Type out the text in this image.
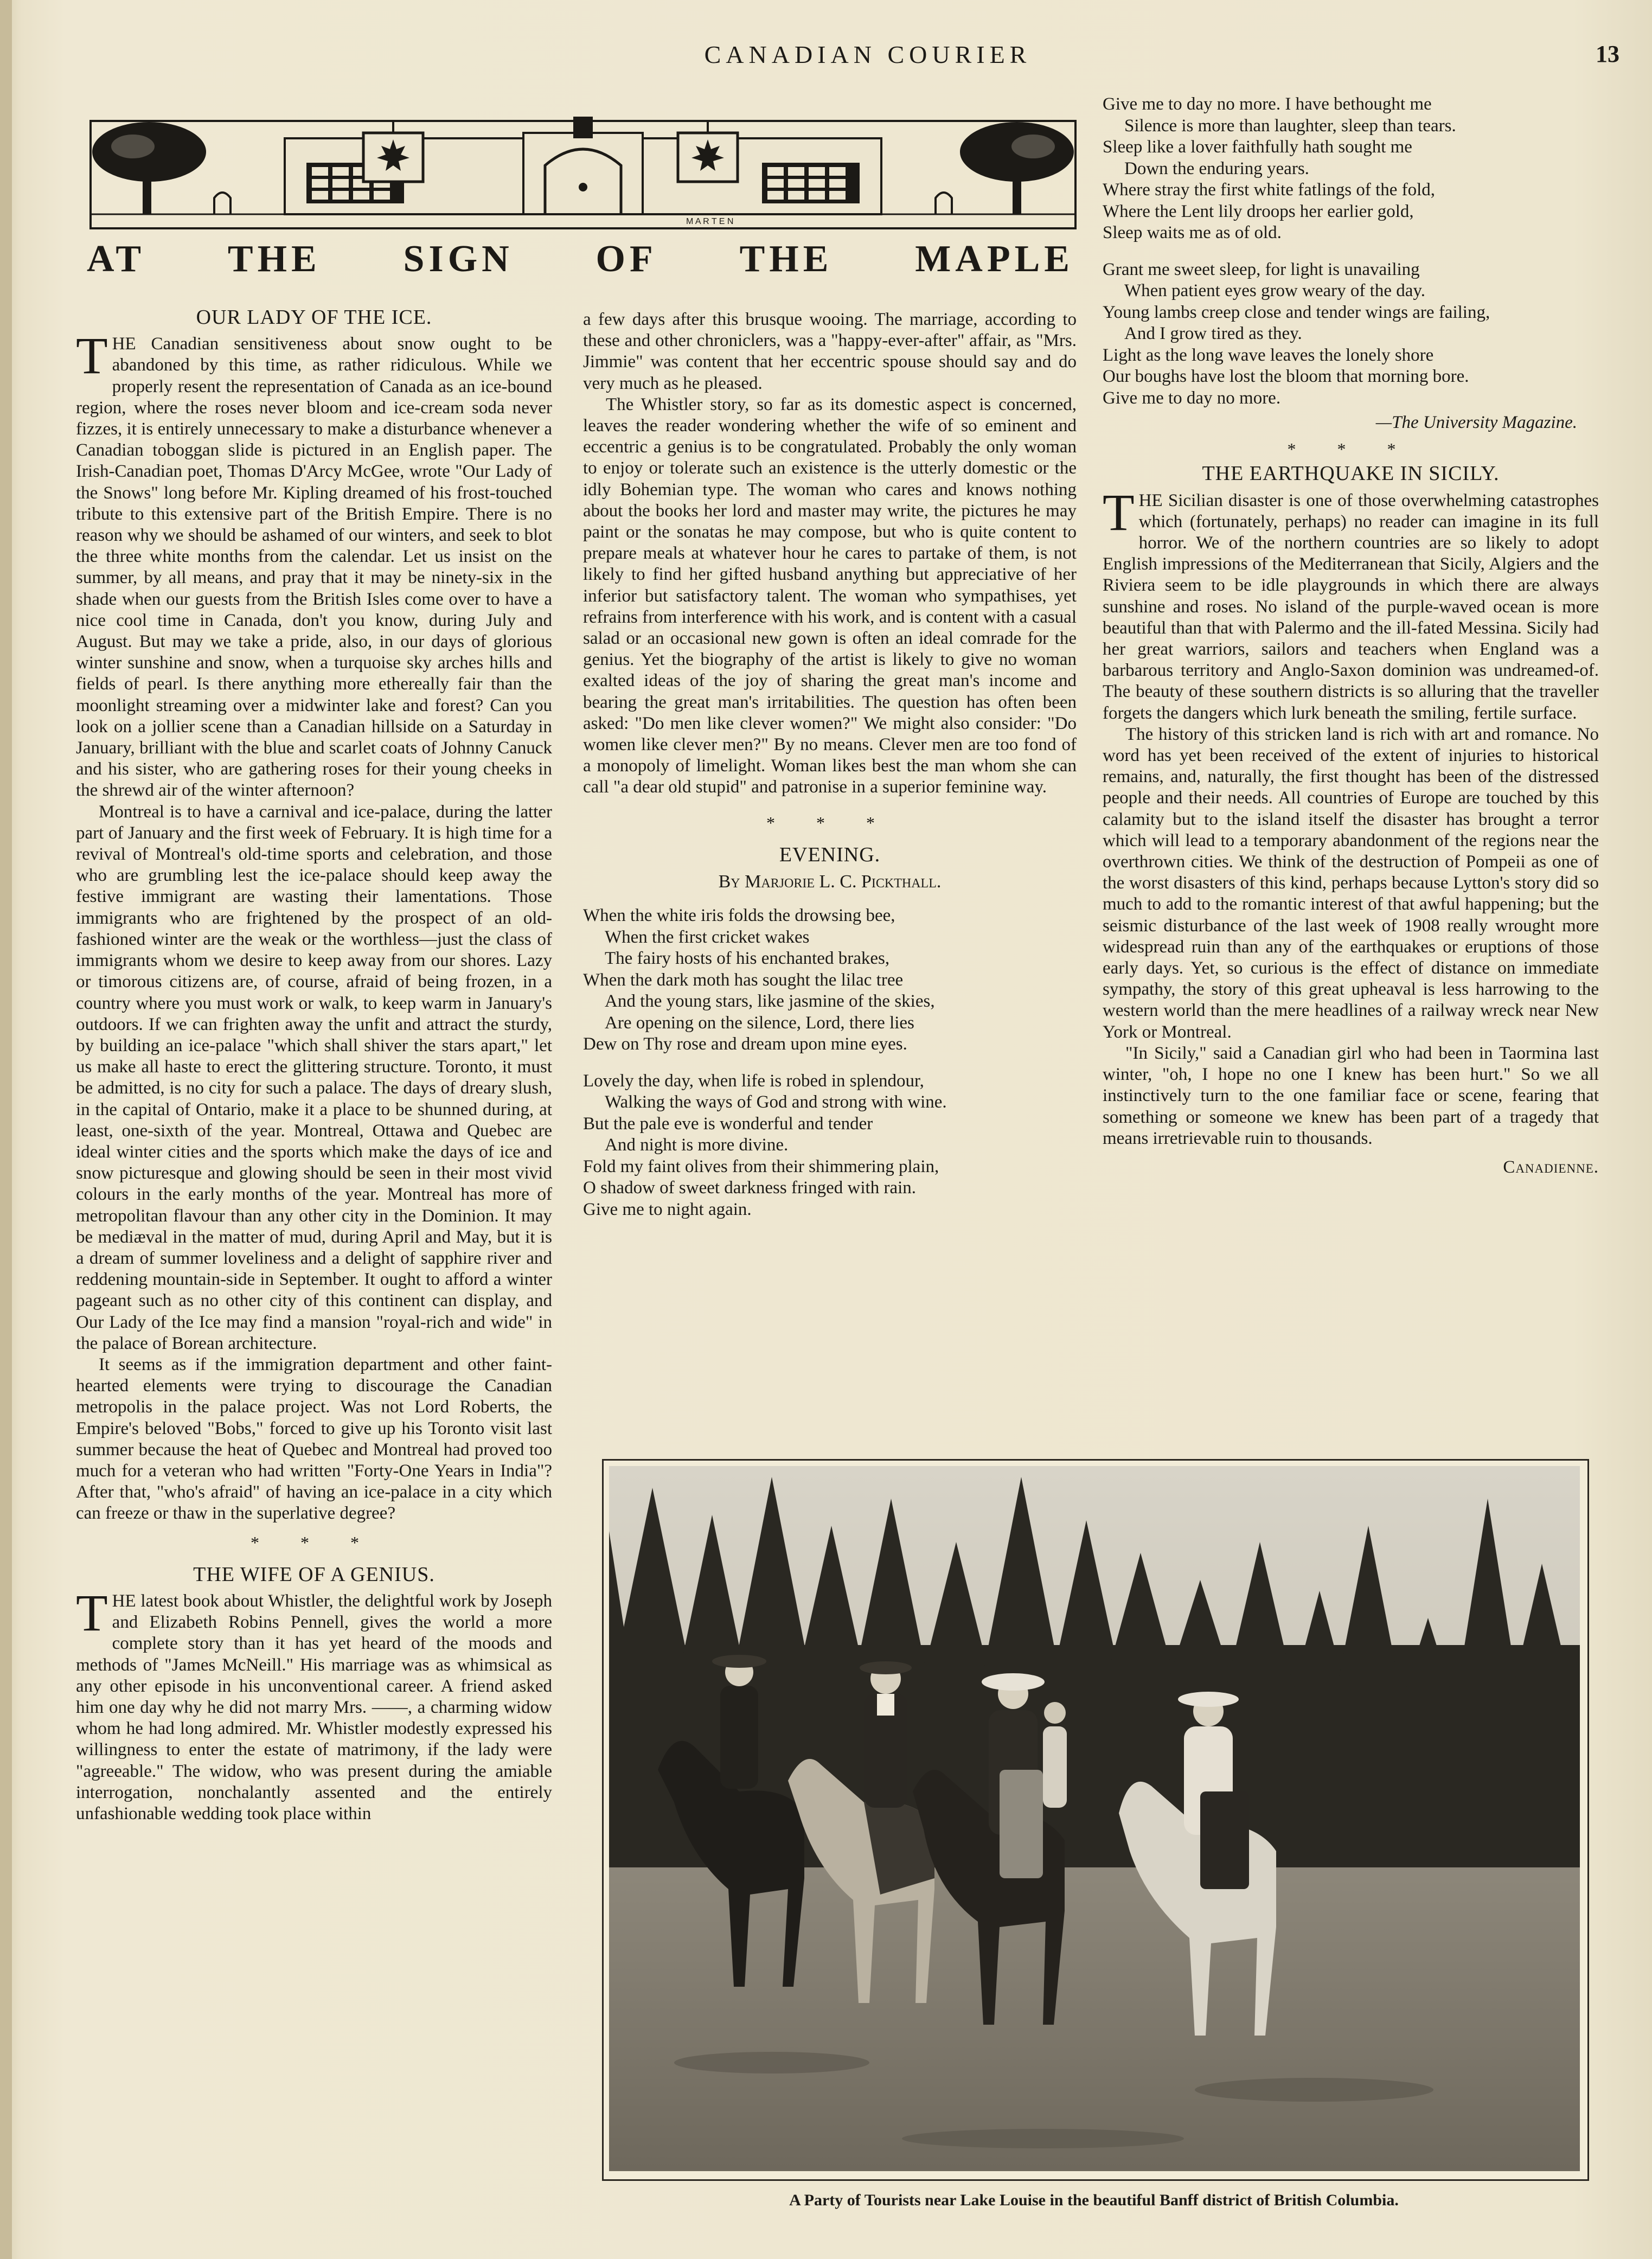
CANADIAN COURIER	13
M A R T E N
AT THE SIGN OF THE MAPLE
OUR LADY OF THE ICE.

THE Canadian sensitiveness about snow ought to be abandoned by this time, as rather ridiculous. While we properly resent the representation of Canada as an ice-bound region, where the roses never bloom and ice-cream soda never fizzes, it is entirely unnecessary to make a disturbance whenever a Canadian toboggan slide is pictured in an English paper. The Irish-Canadian poet, Thomas D'Arcy McGee, wrote "Our Lady of the Snows" long before Mr. Kipling dreamed of his frost-touched tribute to this extensive part of the British Empire. There is no reason why we should be ashamed of our winters, and seek to blot the three white months from the calendar. Let us insist on the summer, by all means, and pray that it may be ninety-six in the shade when our guests from the British Isles come over to have a nice cool time in Canada, don't you know, during July and August. But may we take a pride, also, in our days of glorious winter sunshine and snow, when a turquoise sky arches hills and fields of pearl. Is there anything more ethereally fair than the moonlight streaming over a midwinter lake and forest? Can you look on a jollier scene than a Canadian hillside on a Saturday in January, brilliant with the blue and scarlet coats of Johnny Canuck and his sister, who are gathering roses for their young cheeks in the shrewd air of the winter afternoon?

Montreal is to have a carnival and ice-palace, during the latter part of January and the first week of February. It is high time for a revival of Montreal's old-time sports and celebration, and those who are grumbling lest the ice-palace should keep away the festive immigrant are wasting their lamentations. Those immigrants who are frightened by the prospect of an old-fashioned winter are the weak or the worthless—just the class of immigrants whom we desire to keep away from our shores. Lazy or timorous citizens are, of course, afraid of being frozen, in a country where you must work or walk, to keep warm in January's outdoors. If we can frighten away the unfit and attract the sturdy, by building an ice-palace "which shall shiver the stars apart," let us make all haste to erect the glittering structure. Toronto, it must be admitted, is no city for such a palace. The days of dreary slush, in the capital of Ontario, make it a place to be shunned during, at least, one-sixth of the year. Montreal, Ottawa and Quebec are ideal winter cities and the sports which make the days of ice and snow picturesque and glowing should be seen in their most vivid colours in the early months of the year. Montreal has more of metropolitan flavour than any other city in the Dominion. It may be mediæval in the matter of mud, during April and May, but it is a dream of summer loveliness and a delight of sapphire river and reddening mountain-side in September. It ought to afford a winter pageant such as no other city of this continent can display, and Our Lady of the Ice may find a mansion "royal-rich and wide" in the palace of Borean architecture.

It seems as if the immigration department and other faint-hearted elements were trying to discourage the Canadian metropolis in the palace project. Was not Lord Roberts, the Empire's beloved "Bobs," forced to give up his Toronto visit last summer because the heat of Quebec and Montreal had proved too much for a veteran who had written "Forty-One Years in India"? After that, "who's afraid" of having an ice-palace in a city which can freeze or thaw in the superlative degree?

* * *
THE WIFE OF A GENIUS.

THE latest book about Whistler, the delightful work by Joseph and Elizabeth Robins Pennell, gives the world a more complete story than it has yet heard of the moods and methods of "James McNeill." His marriage was as whimsical as any other episode in his unconventional career. A friend asked him one day why he did not marry Mrs. ——, a charming widow whom he had long admired. Mr. Whistler modestly expressed his willingness to enter the estate of matrimony, if the lady were "agreeable." The widow, who was present during the amiable interrogation, nonchalantly assented and the entirely unfashionable wedding took place within

a few days after this brusque wooing. The marriage, according to these and other chroniclers, was a "happy-ever-after" affair, as "Mrs. Jimmie" was content that her eccentric spouse should say and do very much as he pleased.

The Whistler story, so far as its domestic aspect is concerned, leaves the reader wondering whether the wife of so eminent and eccentric a genius is to be congratulated. Probably the only woman to enjoy or tolerate such an existence is the utterly domestic or the idly Bohemian type. The woman who cares and knows nothing about the books her lord and master may write, the pictures he may paint or the sonatas he may compose, but who is quite content to prepare meals at whatever hour he cares to partake of them, is not likely to find her gifted husband anything but appreciative of her inferior but satisfactory talent. The woman who sympathises, yet refrains from interference with his work, and is content with a casual salad or an occasional new gown is often an ideal comrade for the genius. Yet the biography of the artist is likely to give no woman exalted ideas of the joy of sharing the great man's income and bearing the great man's irritabilities. The question has often been asked: "Do men like clever women?" We might also consider: "Do women like clever men?" By no means. Clever men are too fond of a monopoly of limelight. Woman likes best the man whom she can call "a dear old stupid" and patronise in a superior feminine way.

* * *
EVENING.
By Marjorie L. C. Pickthall.
When the white iris folds the drowsing bee,
When the first cricket wakes
The fairy hosts of his enchanted brakes,
When the dark moth has sought the lilac tree
And the young stars, like jasmine of the skies,
Are opening on the silence, Lord, there lies
Dew on Thy rose and dream upon mine eyes.
Lovely the day, when life is robed in splendour,
Walking the ways of God and strong with wine.
But the pale eve is wonderful and tender
And night is more divine.
Fold my faint olives from their shimmering plain,
O shadow of sweet darkness fringed with rain.
Give me to night again.
Give me to day no more. I have bethought me
Silence is more than laughter, sleep than tears.
Sleep like a lover faithfully hath sought me
Down the enduring years.
Where stray the first white fatlings of the fold,
Where the Lent lily droops her earlier gold,
Sleep waits me as of old.
Grant me sweet sleep, for light is unavailing
When patient eyes grow weary of the day.
Young lambs creep close and tender wings are failing,
And I grow tired as they.
Light as the long wave leaves the lonely shore
Our boughs have lost the bloom that morning bore.
Give me to day no more.
—The University Magazine.
* * *
THE EARTHQUAKE IN SICILY.

THE Sicilian disaster is one of those overwhelming catastrophes which (fortunately, perhaps) no reader can imagine in its full horror. We of the northern countries are so likely to adopt English impressions of the Mediterranean that Sicily, Algiers and the Riviera seem to be idle playgrounds in which there are always sunshine and roses. No island of the purple-waved ocean is more beautiful than that with Palermo and the ill-fated Messina. Sicily had her great warriors, sailors and teachers when England was a barbarous territory and Anglo-Saxon dominion was undreamed-of. The beauty of these southern districts is so alluring that the traveller forgets the dangers which lurk beneath the smiling, fertile surface.

The history of this stricken land is rich with art and romance. No word has yet been received of the extent of injuries to historical remains, and, naturally, the first thought has been of the distressed people and their needs. All countries of Europe are touched by this calamity but to the island itself the disaster has brought a terror which will lead to a temporary abandonment of the regions near the overthrown cities. We think of the destruction of Pompeii as one of the worst disasters of this kind, perhaps because Lytton's story did so much to add to the romantic interest of that awful happening; but the seismic disturbance of the last week of 1908 really wrought more widespread ruin than any of the earthquakes or eruptions of those early days. Yet, so curious is the effect of distance on immediate sympathy, the story of this great upheaval is less harrowing to the western world than the mere headlines of a railway wreck near New York or Montreal.

"In Sicily," said a Canadian girl who had been in Taormina last winter, "oh, I hope no one I knew has been hurt." So we all instinctively turn to the one familiar face or scene, fearing that something or someone we knew has been part of a tragedy that means irretrievable ruin to thousands.

Canadienne.
A Party of Tourists near Lake Louise in the beautiful Banff district of British Columbia.
